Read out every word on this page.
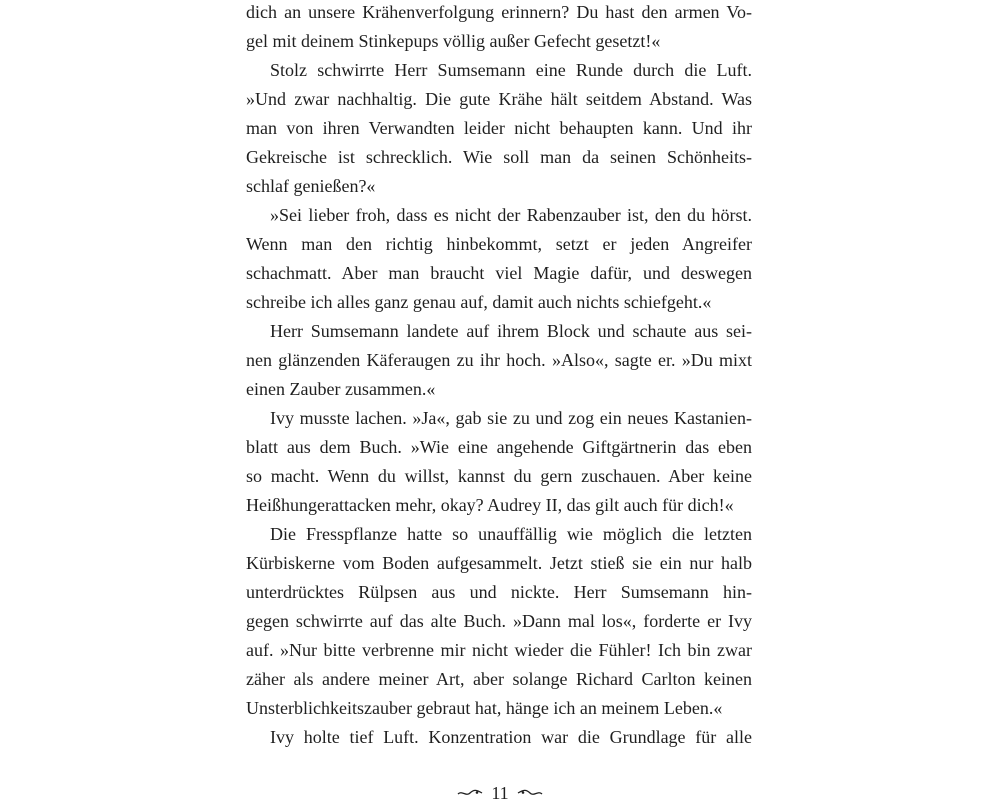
dich an unsere Krähenverfolgung erinnern? Du hast den armen Vo-
gel mit deinem Stinkepups völlig außer Gefecht gesetzt!«
Stolz schwirrte Herr Sumsemann eine Runde durch die Luft.
»Und zwar nachhaltig. Die gute Krähe hält seitdem Abstand. Was
man von ihren Verwandten leider nicht behaupten kann. Und ihr
Gekreische ist schrecklich. Wie soll man da seinen Schönheits-
schlaf genießen?«
»Sei lieber froh, dass es nicht der Rabenzauber ist, den du hörst.
Wenn man den richtig hinbekommt, setzt er jeden Angreifer
schachmatt. Aber man braucht viel Magie dafür, und deswegen
schreibe ich alles ganz genau auf, damit auch nichts schiefgeht.«
Herr Sumsemann landete auf ihrem Block und schaute aus sei-
nen glänzenden Käferaugen zu ihr hoch. »Also«, sagte er. »Du mixt
einen Zauber zusammen.«
Ivy musste lachen. »Ja«, gab sie zu und zog ein neues Kastanien-
blatt aus dem Buch. »Wie eine angehende Giftgärtnerin das eben
so macht. Wenn du willst, kannst du gern zuschauen. Aber keine
Heißhungerattacken mehr, okay? Audrey II, das gilt auch für dich!«
Die Fresspflanze hatte so unauffällig wie möglich die letzten
Kürbiskerne vom Boden aufgesammelt. Jetzt stieß sie ein nur halb
unterdrücktes Rülpsen aus und nickte. Herr Sumsemann hin-
gegen schwirrte auf das alte Buch. »Dann mal los«, forderte er Ivy
auf. »Nur bitte verbrenne mir nicht wieder die Fühler! Ich bin zwar
zäher als andere meiner Art, aber solange Richard Carlton keinen
Unsterblichkeitszauber gebraut hat, hänge ich an meinem Leben.«
Ivy holte tief Luft. Konzentration war die Grundlage für alle
11
